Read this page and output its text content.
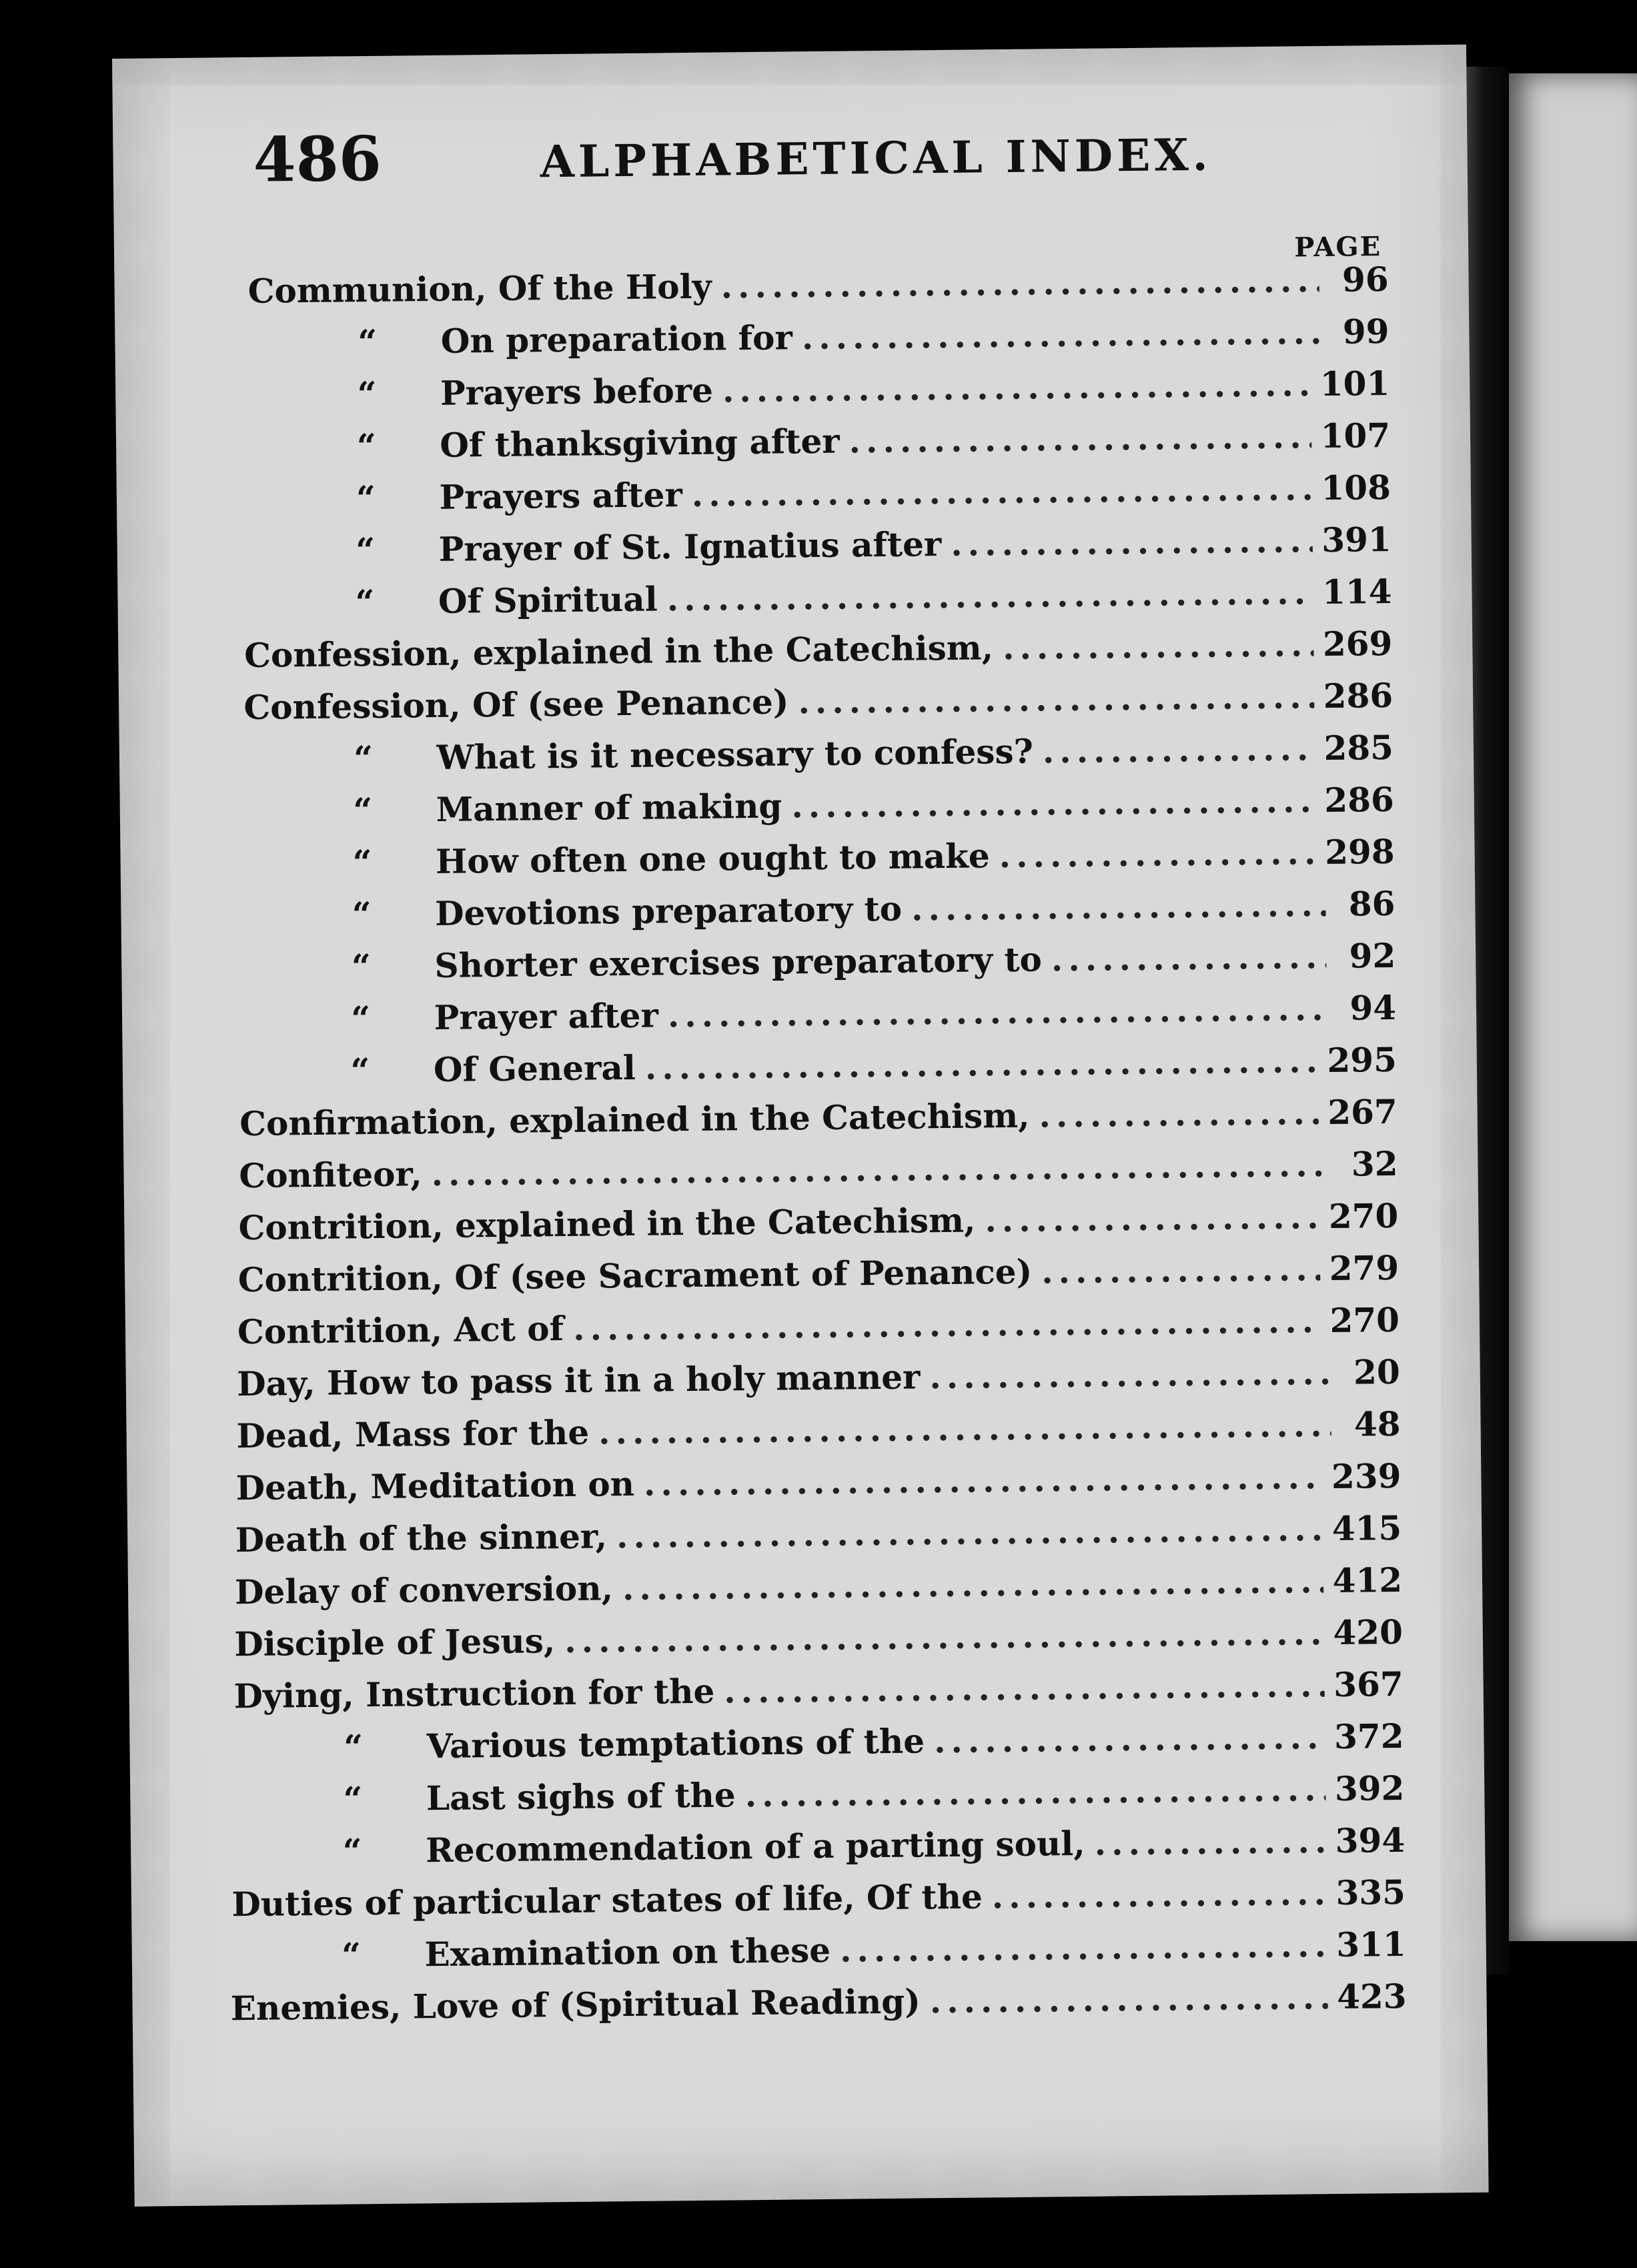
486	ALPHABETICAL INDEX.
PAGE
Communion, Of the Holy .....	96
“	On preparation for .....	99
“	Prayers before .....	101
“	Of thanksgiving after .....	107
“	Prayers after .....	108
“	Prayer of St. Ignatius after .....	391
“	Of Spiritual .....	114
Confession, explained in the Catechism, .....	269
Confession, Of (see Penance) .....	286
“	What is it necessary to confess? .....	285
“	Manner of making .....	286
“	How often one ought to make .....	298
“	Devotions preparatory to .....	86
“	Shorter exercises preparatory to .....	92
“	Prayer after .....	94
“	Of General .....	295
Confirmation, explained in the Catechism, .....	267
Confiteor, .....	32
Contrition, explained in the Catechism, .....	270
Contrition, Of (see Sacrament of Penance) .....	279
Contrition, Act of .....	270
Day, How to pass it in a holy manner .....	20
Dead, Mass for the .....	48
Death, Meditation on .....	239
Death of the sinner, .....	415
Delay of conversion, .....	412
Disciple of Jesus, .....	420
Dying, Instruction for the .....	367
“	Various temptations of the .....	372
“	Last sighs of the .....	392
“	Recommendation of a parting soul, .....	394
Duties of particular states of life, Of the .....	335
“	Examination on these .....	311
Enemies, Love of (Spiritual Reading) .....	423
